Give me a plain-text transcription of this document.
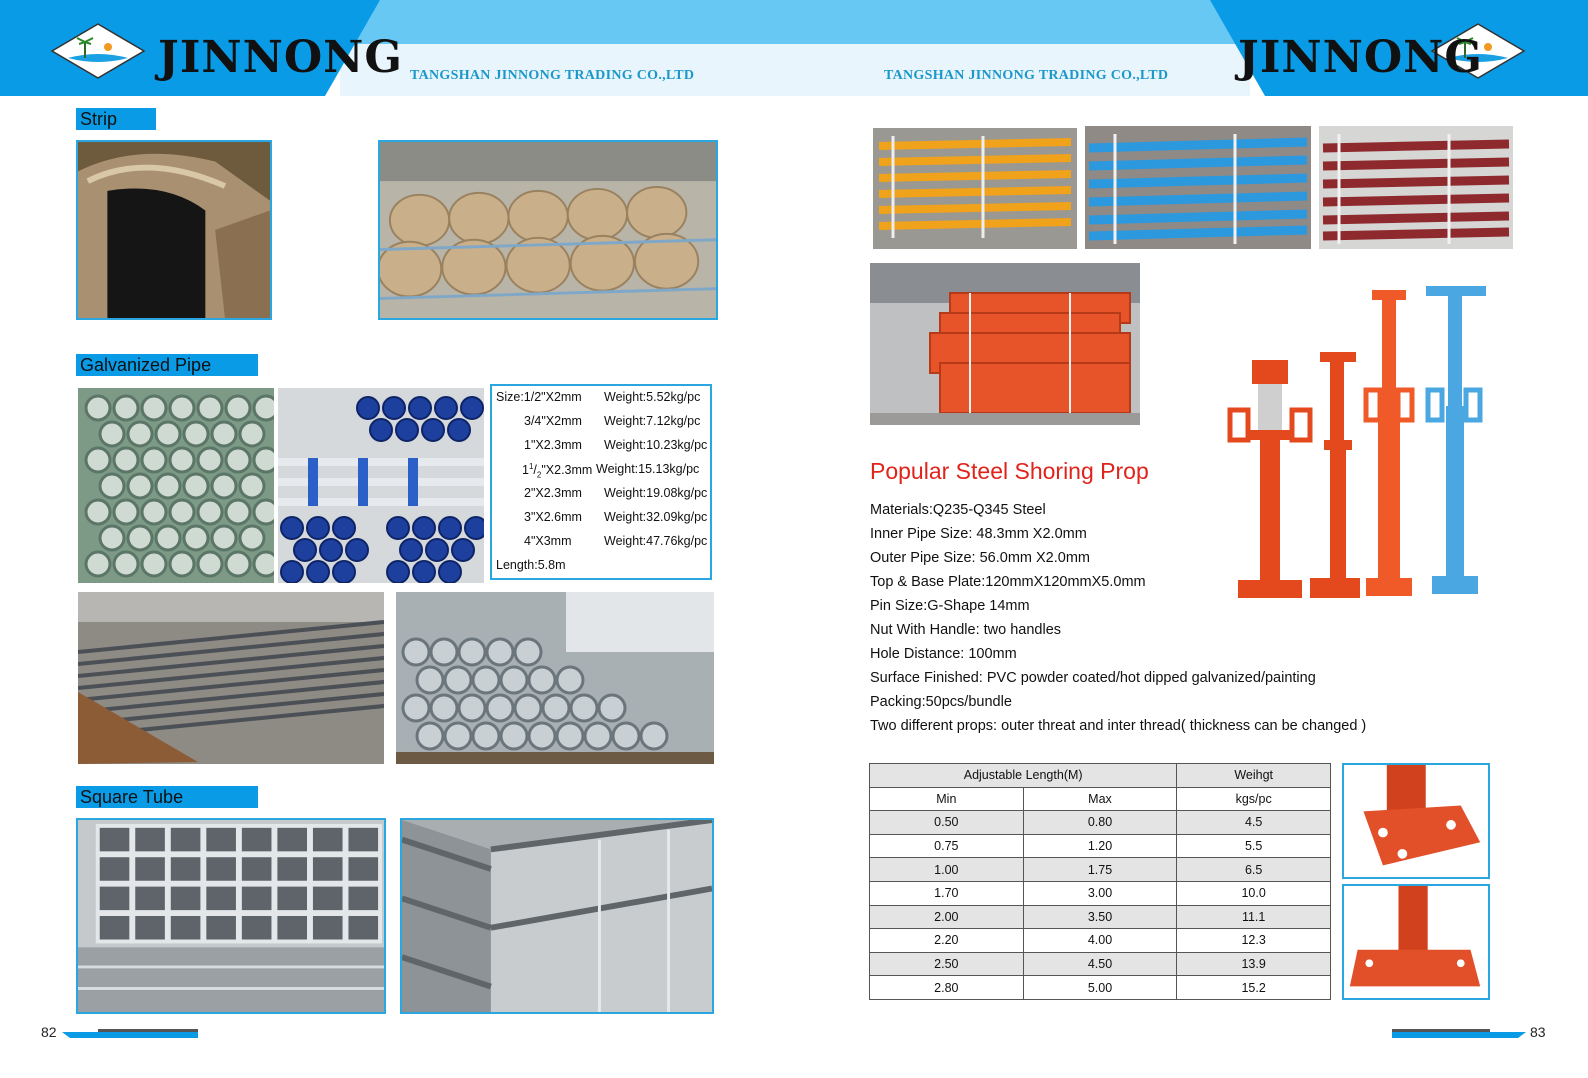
JINNONG	JINNONG
TANGSHAN JINNONG TRADING CO.,LTD	TANGSHAN JINNONG TRADING CO.,LTD
Strip
Galvanized Pipe
Size:1/2"X2mm Weight:5.52kg/pc
3/4"X2mm Weight:7.12kg/pc
1"X2.3mm Weight:10.23kg/pc
$1^1/_2"X2.3mm$ Weight:15.13kg/pc
2"X2.3mm Weight:19.08kg/pc
3"X2.6mm Weight:32.09kg/pc
4"X3mm	Weight:47.76kg/pc
Length:5.8m
Square Tube
82
Popular Steel Shoring Prop
Materials:Q235-Q345 Steel
Inner Pipe Size: 48.3mm X2.0mm
Outer Pipe Size: 56.0mm X2.0mm
Top & Base Plate:120mmX120mmX5.0mm
Pin Size:G-Shape 14mm
Nut With Handle: two handles
Hole Distance: 100mm
Surface Finished: PVC powder coated/hot dipped galvanized/painting
Packing:50pcs/bundle
Two different props: outer threat and inter thread( thickness can be changed )
Adjustable Length(M)		Weihgt
Min	Max	kgs/pc
0.50	0.80	4.5
0.75	1.20	5.5
1.00	1.75	6.5
1.70	3.00	10.0
2.00	3.50	11.1
2.20	4.00	12.3
2.50	4.50	13.9
2.80	5.00	15.2
83
